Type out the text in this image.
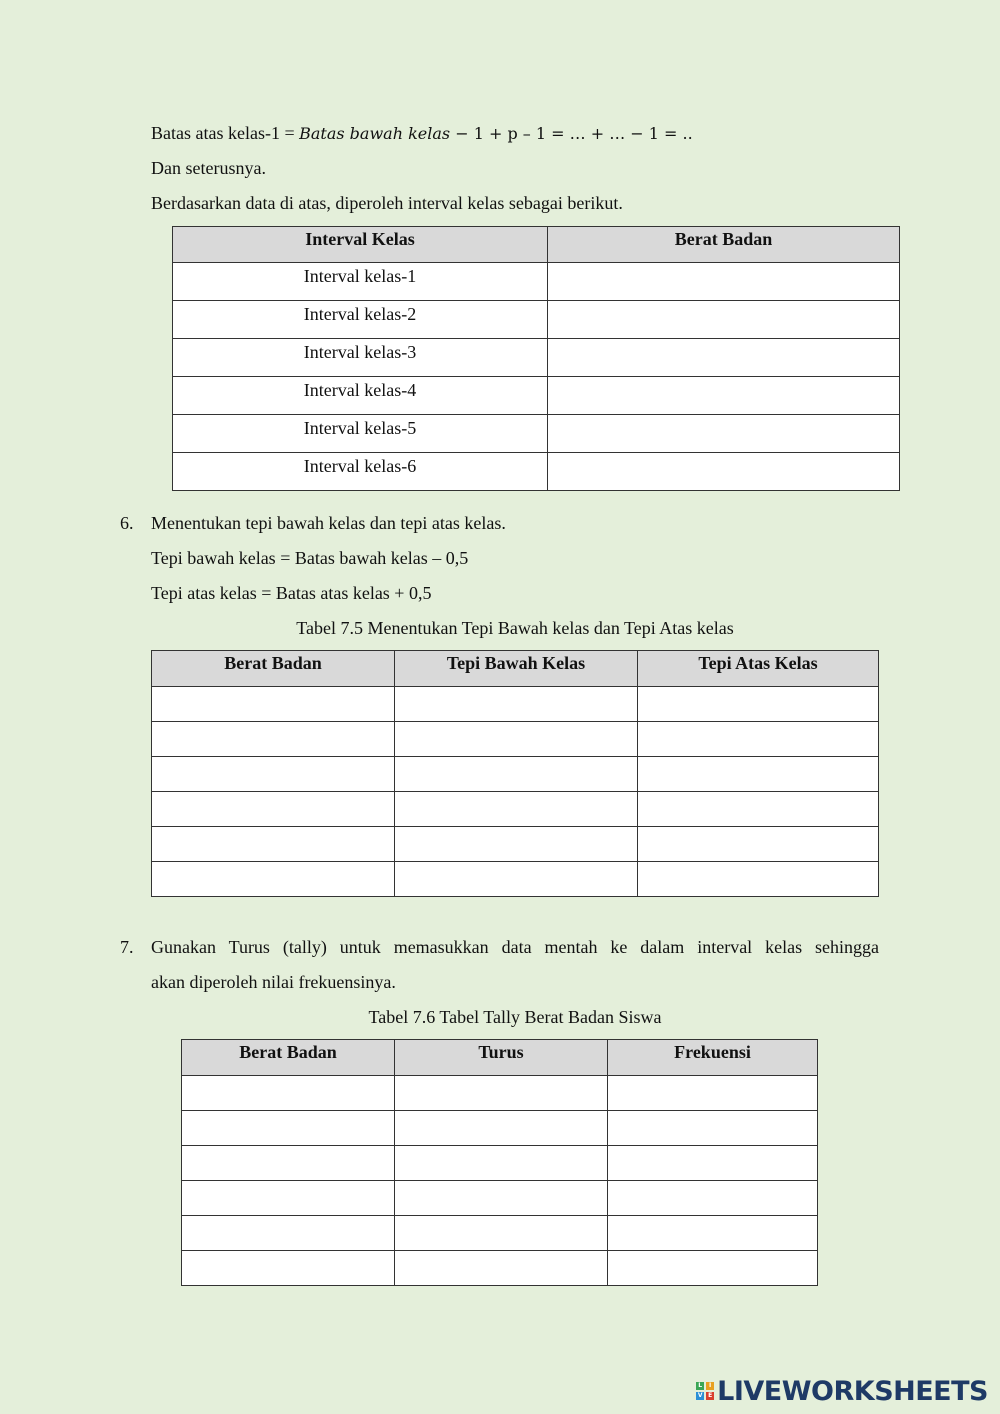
Batas atas kelas-1 = Batas bawah kelas − 1 + p – 1 = … + … − 1 = ..
Dan seterusnya.
Berdasarkan data di atas, diperoleh interval kelas sebagai berikut.
Interval Kelas	Berat Badan
Interval kelas-1	
Interval kelas-2	
Interval kelas-3	
Interval kelas-4	
Interval kelas-5	
Interval kelas-6	
6. Menentukan tepi bawah kelas dan tepi atas kelas.
Tepi bawah kelas = Batas bawah kelas – 0,5
Tepi atas kelas = Batas atas kelas + 0,5
Tabel 7.5 Menentukan Tepi Bawah kelas dan Tepi Atas kelas
Berat Badan	Tepi Bawah Kelas	Tepi Atas Kelas

7. Gunakan Turus (tally) untuk memasukkan data mentah ke dalam interval kelas sehingga
akan diperoleh nilai frekuensinya.
Tabel 7.6 Tabel Tally Berat Badan Siswa
Berat Badan	Turus	Frekuensi

L	I
V E LIVEWORKSHEETS
